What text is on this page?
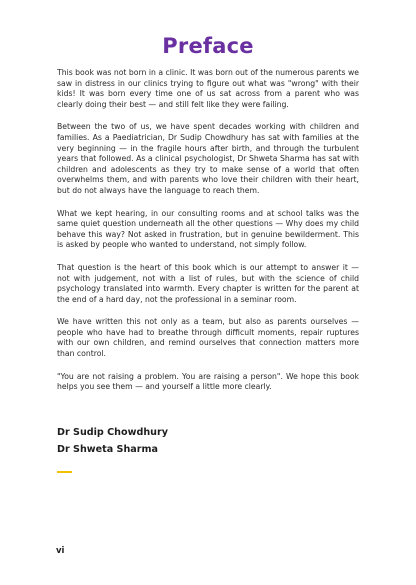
Preface

This book was not born in a clinic. It was born out of the numerous parents we saw in distress in our clinics trying to figure out what was "wrong" with their kids! It was born every time one of us sat across from a parent who was clearly doing their best — and still felt like they were failing.

Between the two of us, we have spent decades working with children and families. As a Paediatrician, Dr Sudip Chowdhury has sat with families at the very beginning — in the fragile hours after birth, and through the turbulent years that followed. As a clinical psychologist, Dr Shweta Sharma has sat with children and adolescents as they try to make sense of a world that often overwhelms them, and with parents who love their children with their heart, but do not always have the language to reach them.

What we kept hearing, in our consulting rooms and at school talks was the same quiet question underneath all the other questions — Why does my child behave this way? Not asked in frustration, but in genuine bewilderment. This is asked by people who wanted to understand, not simply follow.

That question is the heart of this book which is our attempt to answer it — not with judgement, not with a list of rules, but with the science of child psychology translated into warmth. Every chapter is written for the parent at the end of a hard day, not the professional in a seminar room.

We have written this not only as a team, but also as parents ourselves — people who have had to breathe through difficult moments, repair ruptures with our own children, and remind ourselves that connection matters more than control.

"You are not raising a problem. You are raising a person". We hope this book helps you see them — and yourself a little more clearly.

Dr Sudip Chowdhury
Dr Shweta Sharma
vi
